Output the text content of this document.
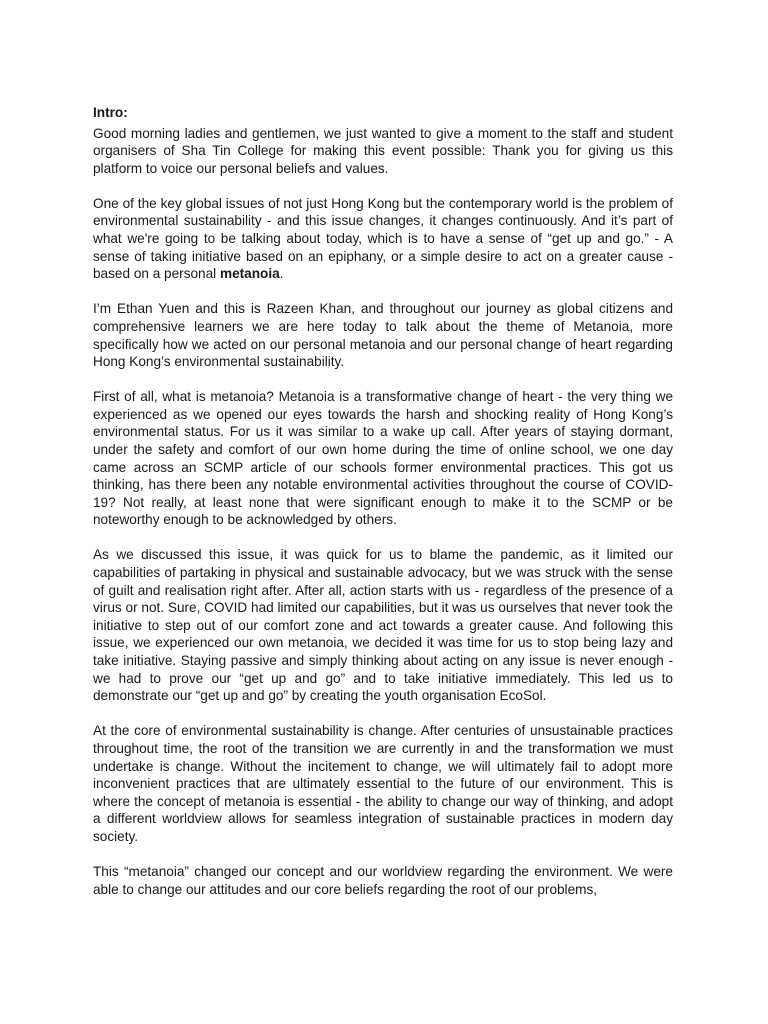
Intro:

Good morning ladies and gentlemen, we just wanted to give a moment to the staff and student organisers of Sha Tin College for making this event possible: Thank you for giving us this platform to voice our personal beliefs and values.

One of the key global issues of not just Hong Kong but the contemporary world is the problem of environmental sustainability - and this issue changes, it changes continuously. And it’s part of what we're going to be talking about today, which is to have a sense of “get up and go.” - A sense of taking initiative based on an epiphany, or a simple desire to act on a greater cause - based on a personal metanoia.

I’m Ethan Yuen and this is Razeen Khan, and throughout our journey as global citizens and comprehensive learners we are here today to talk about the theme of Metanoia, more specifically how we acted on our personal metanoia and our personal change of heart regarding Hong Kong’s environmental sustainability.

First of all, what is metanoia? Metanoia is a transformative change of heart - the very thing we experienced as we opened our eyes towards the harsh and shocking reality of Hong Kong’s environmental status. For us it was similar to a wake up call. After years of staying dormant, under the safety and comfort of our own home during the time of online school, we one day came across an SCMP article of our schools former environmental practices. This got us thinking, has there been any notable environmental activities throughout the course of COVID-19? Not really, at least none that were significant enough to make it to the SCMP or be noteworthy enough to be acknowledged by others.

As we discussed this issue, it was quick for us to blame the pandemic, as it limited our capabilities of partaking in physical and sustainable advocacy, but we was struck with the sense of guilt and realisation right after. After all, action starts with us - regardless of the presence of a virus or not. Sure, COVID had limited our capabilities, but it was us ourselves that never took the initiative to step out of our comfort zone and act towards a greater cause. And following this issue, we experienced our own metanoia, we decided it was time for us to stop being lazy and take initiative. Staying passive and simply thinking about acting on any issue is never enough - we had to prove our “get up and go” and to take initiative immediately. This led us to demonstrate our “get up and go” by creating the youth organisation EcoSol.

At the core of environmental sustainability is change. After centuries of unsustainable practices throughout time, the root of the transition we are currently in and the transformation we must undertake is change. Without the incitement to change, we will ultimately fail to adopt more inconvenient practices that are ultimately essential to the future of our environment. This is where the concept of metanoia is essential - the ability to change our way of thinking, and adopt a different worldview allows for seamless integration of sustainable practices in modern day society.

This “metanoia” changed our concept and our worldview regarding the environment. We were able to change our attitudes and our core beliefs regarding the root of our problems,
